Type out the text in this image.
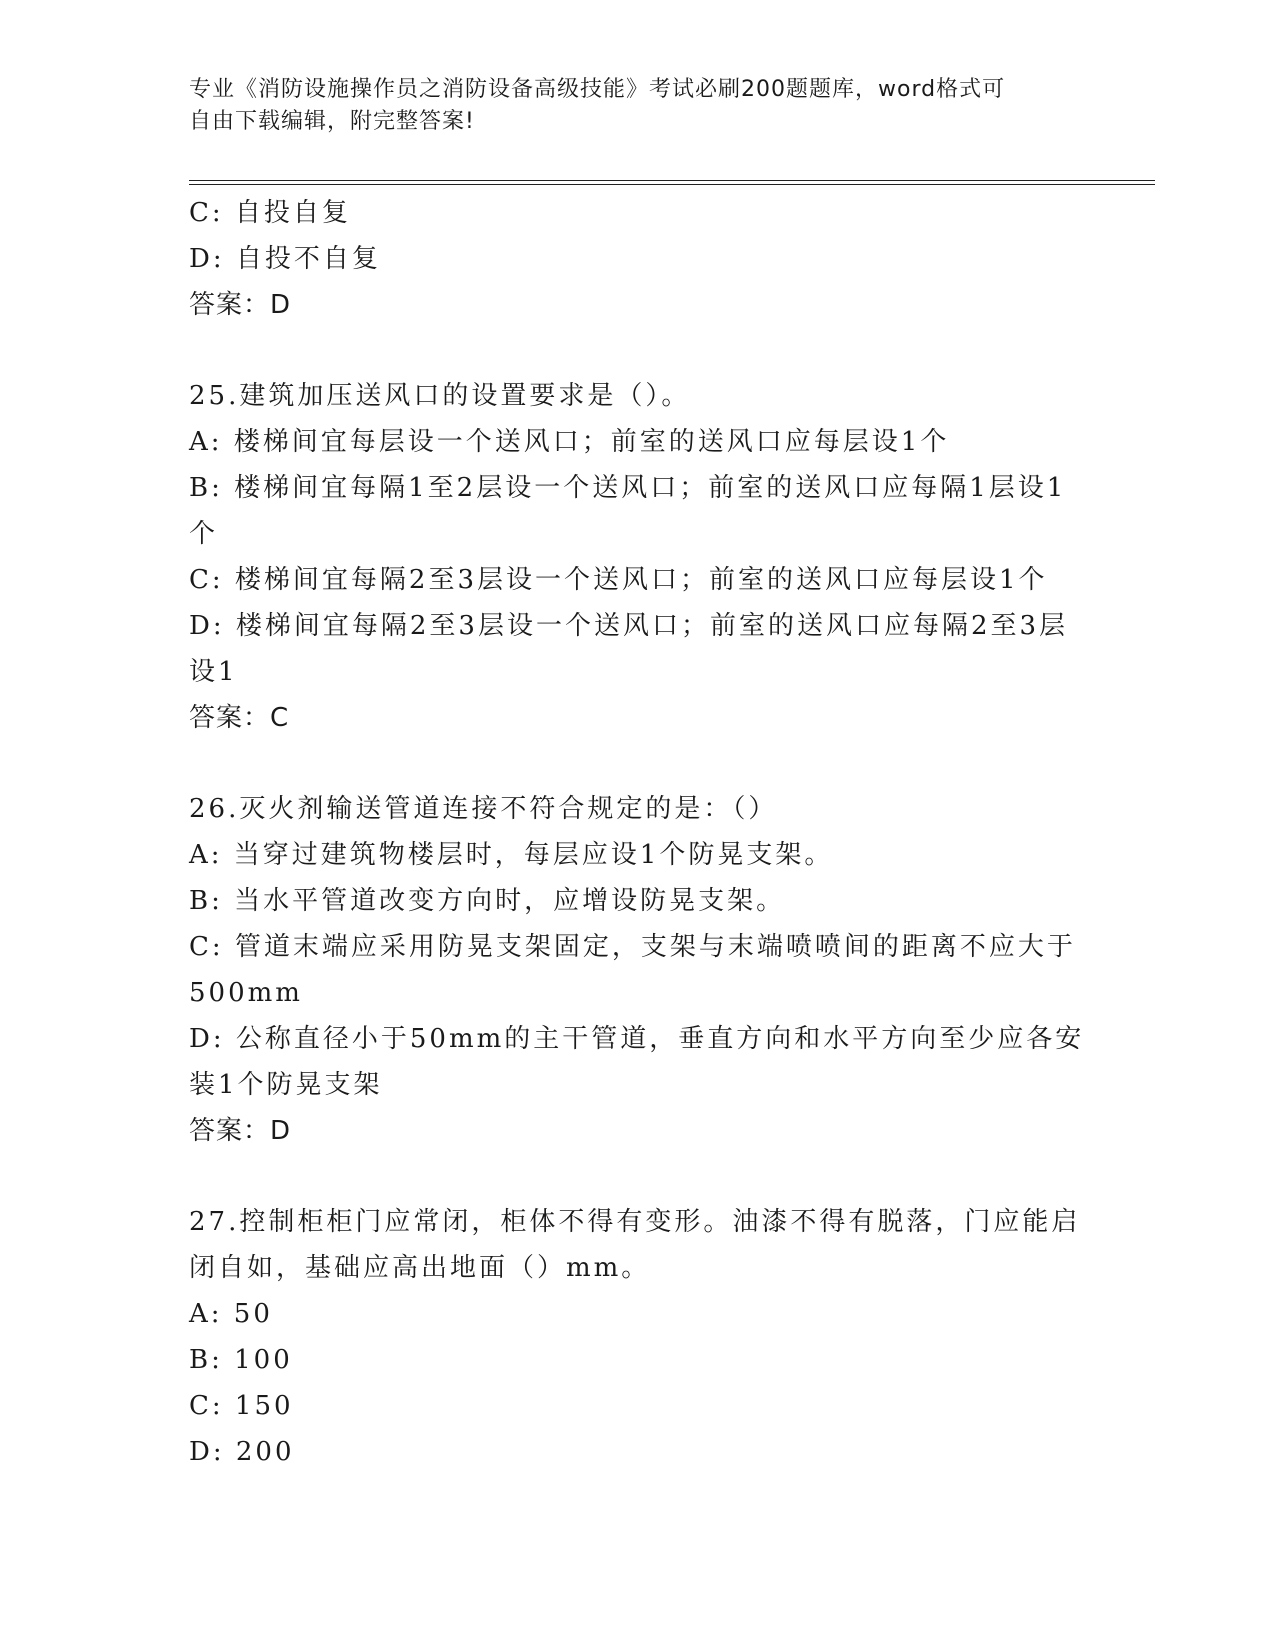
专业《消防设施操作员之消防设备高级技能》考试必刷200题题库，word格式可
自由下载编辑，附完整答案!

C: 自投自复

D: 自投不自复

答案：D

25.建筑加压送风口的设置要求是（）。

A: 楼梯间宜每层设一个送风口；前室的送风口应每层设1个

B: 楼梯间宜每隔1至2层设一个送风口；前室的送风口应每隔1层设1个

C: 楼梯间宜每隔2至3层设一个送风口；前室的送风口应每层设1个

D: 楼梯间宜每隔2至3层设一个送风口；前室的送风口应每隔2至3层设1

答案：C

26.灭火剂输送管道连接不符合规定的是：（）

A: 当穿过建筑物楼层时，每层应设1个防晃支架。

B: 当水平管道改变方向时，应增设防晃支架。

C: 管道末端应采用防晃支架固定，支架与末端喷喷间的距离不应大于500mm

D: 公称直径小于50mm的主干管道，垂直方向和水平方向至少应各安装1个防晃支架

答案：D

27.控制柜柜门应常闭，柜体不得有变形。油漆不得有脱落，门应能启闭自如，基础应高出地面（）mm。

A: 50

B: 100

C: 150

D: 200
